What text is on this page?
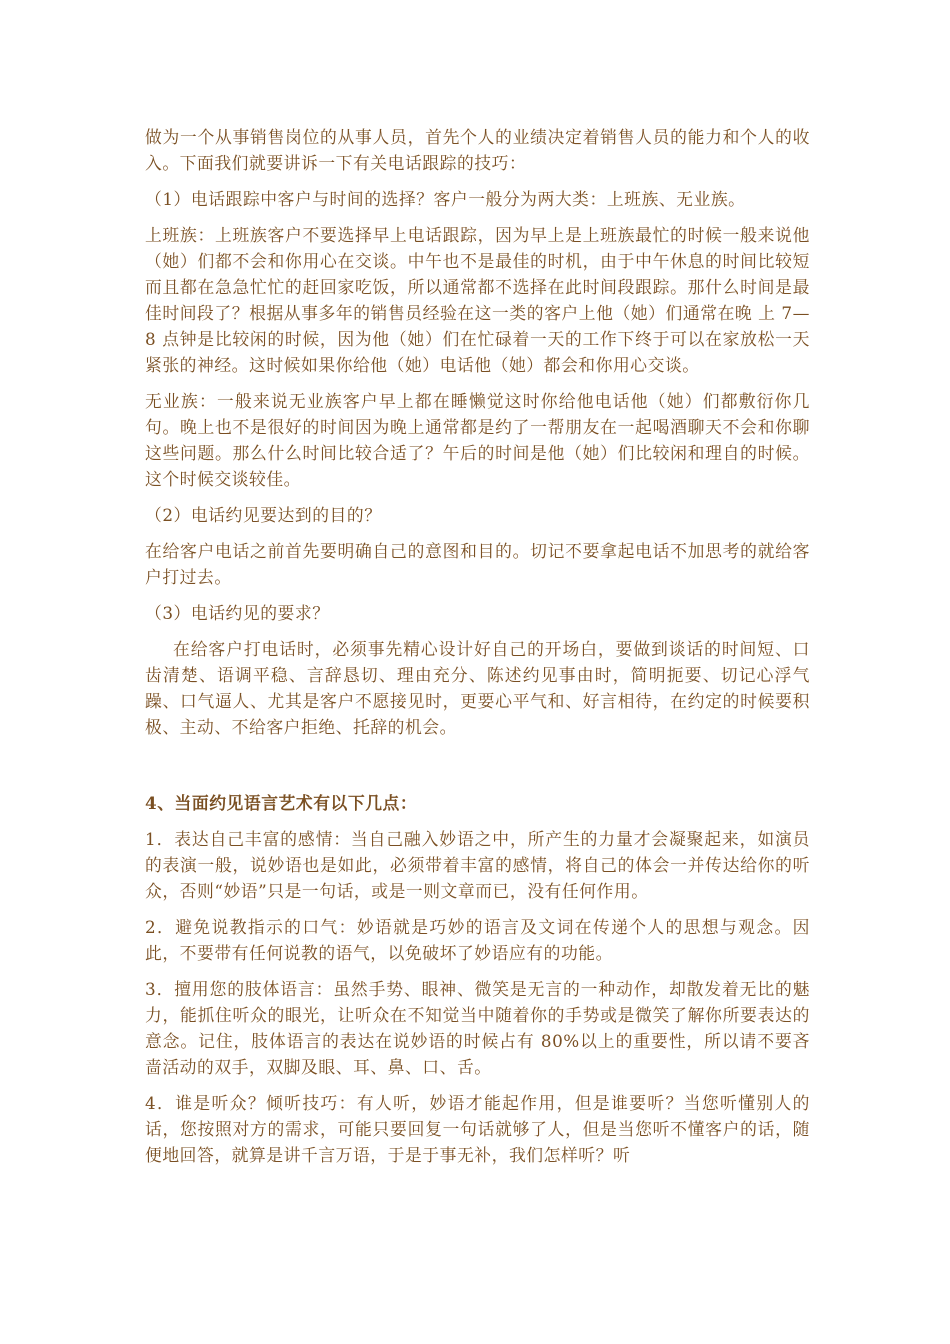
做为一个从事销售岗位的从事人员，首先个人的业绩决定着销售人员的能力和个人的收入。下面我们就要讲诉一下有关电话跟踪的技巧：

（1）电话跟踪中客户与时间的选择？客户一般分为两大类：上班族、无业族。

上班族：上班族客户不要选择早上电话跟踪，因为早上是上班族最忙的时候一般来说他（她）们都不会和你用心在交谈。中午也不是最佳的时机，由于中午休息的时间比较短而且都在急急忙忙的赶回家吃饭，所以通常都不选择在此时间段跟踪。那什么时间是最佳时间段了？根据从事多年的销售员经验在这一类的客户上他（她）们通常在晚 上 7—8 点钟是比较闲的时候，因为他（她）们在忙碌着一天的工作下终于可以在家放松一天紧张的神经。这时候如果你给他（她）电话他（她）都会和你用心交谈。

无业族：一般来说无业族客户早上都在睡懒觉这时你给他电话他（她）们都敷衍你几句。晚上也不是很好的时间因为晚上通常都是约了一帮朋友在一起喝酒聊天不会和你聊这些问题。那么什么时间比较合适了？午后的时间是他（她）们比较闲和理自的时候。这个时候交谈较佳。

（2）电话约见要达到的目的？

在给客户电话之前首先要明确自己的意图和目的。切记不要拿起电话不加思考的就给客户打过去。

（3）电话约见的要求？

在给客户打电话时，必须事先精心设计好自己的开场白，要做到谈话的时间短、口齿清楚、语调平稳、言辞恳切、理由充分、陈述约见事由时，简明扼要、切记心浮气躁、口气逼人、尤其是客户不愿接见时，更要心平气和、好言相待，在约定的时候要积极、主动、不给客户拒绝、托辞的机会。

4、当面约见语言艺术有以下几点：

1．表达自己丰富的感情：当自己融入妙语之中，所产生的力量才会凝聚起来，如演员的表演一般，说妙语也是如此，必须带着丰富的感情，将自己的体会一并传达给你的听众，否则“妙语”只是一句话，或是一则文章而已，没有任何作用。

2．避免说教指示的口气：妙语就是巧妙的语言及文词在传递个人的思想与观念。因此，不要带有任何说教的语气，以免破坏了妙语应有的功能。

3．擅用您的肢体语言：虽然手势、眼神、微笑是无言的一种动作，却散发着无比的魅力，能抓住听众的眼光，让听众在不知觉当中随着你的手势或是微笑了解你所要表达的意念。记住，肢体语言的表达在说妙语的时候占有 80%以上的重要性，所以请不要吝啬活动的双手，双脚及眼、耳、鼻、口、舌。

4．谁是听众？倾听技巧：有人听，妙语才能起作用，但是谁要听？当您听懂别人的话，您按照对方的需求，可能只要回复一句话就够了人，但是当您听不懂客户的话，随便地回答，就算是讲千言万语，于是于事无补，我们怎样听？听
